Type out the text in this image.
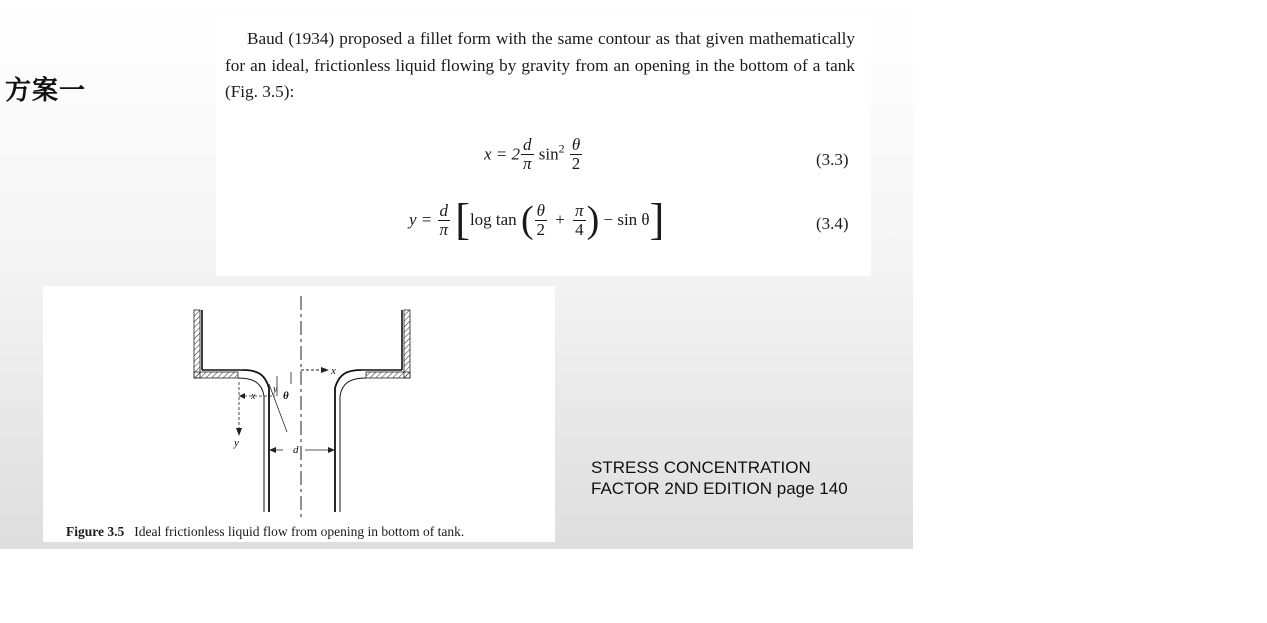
方案一

Baud (1934) proposed a fillet form with the same contour as that given mathematically for an ideal, frictionless liquid flowing by gravity from an opening in the bottom of a tank (Fig. 3.5):

$x = 2 \frac{d}{\pi} \sin^2 \frac{\theta}{2}$	(3.3)
$y = \frac{d}{\pi} [\log$ tan ( $\frac{\theta}{2} + \frac{\pi}{4}$ ) − sin θ]	(3.4)
x
x
y
θ
y
d
Figure 3.5 Ideal frictionless liquid flow from opening in bottom of tank.
STRESS CONCENTRATION
FACTOR 2ND EDITION page 140
